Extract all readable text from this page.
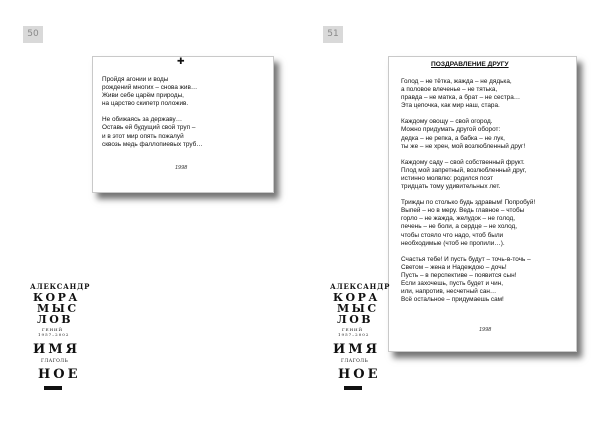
50
✚
Пройдя агонии и воды
рождений многих – снова жив…
Живи себе царём природы,
на царство скипетр положив.
Не обижаясь за державу…
Оставь ей будущий свой труп –
и в этот мир опять пожалуй
сквозь медь фаллопиевых труб…
1998
АЛЕКСАНДР
КОРА
МЫС
ЛОВ
ГЕНИЙ
1957–2002
ИМЯ
ГЛАГОЛЬ
НОЕ
51
ПОЗДРАВЛЕНИЕ ДРУГУ
Голод – не тётка, жажда – не дядька,
а половое влеченье – не тятька,
правда – не матка, а брат – не сестра…
Эта цепочка, как мир наш, стара.
Каждому овощу – свой огород.
Можно придумать другой оборот:
дедка – не репка, а бабка – не лук,
ты же – не хрен, мой возлюбленный друг!
Каждому саду – свой собственный фрукт.
Плод мой запретный, возлюбленный друг,
истинно молвлю: родился поэт
тридцать тому удивительных лет.
Трижды по столько будь здравым! Попробуй!
Выпей – но в меру. Ведь главное – чтобы
горло – не жажда, желудок – не голод,
печень – не боли, а сердце – не холод,
чтобы стояло что надо, чтоб были
необходимые (чтоб не пропили…).
Счастья тебе! И пусть будут – точь-в-точь –
Светом – жена и Надеждою – дочь!
Пусть – в перспективе – появится сын!
Если захочешь, пусть будет и чин,
или, напротив, несчетный сан…
Всё остальное – придумаешь сам!
1998
АЛЕКСАНДР
КОРА
МЫС
ЛОВ
ГЕНИЙ
1957–2002
ИМЯ
ГЛАГОЛЬ
НОЕ
